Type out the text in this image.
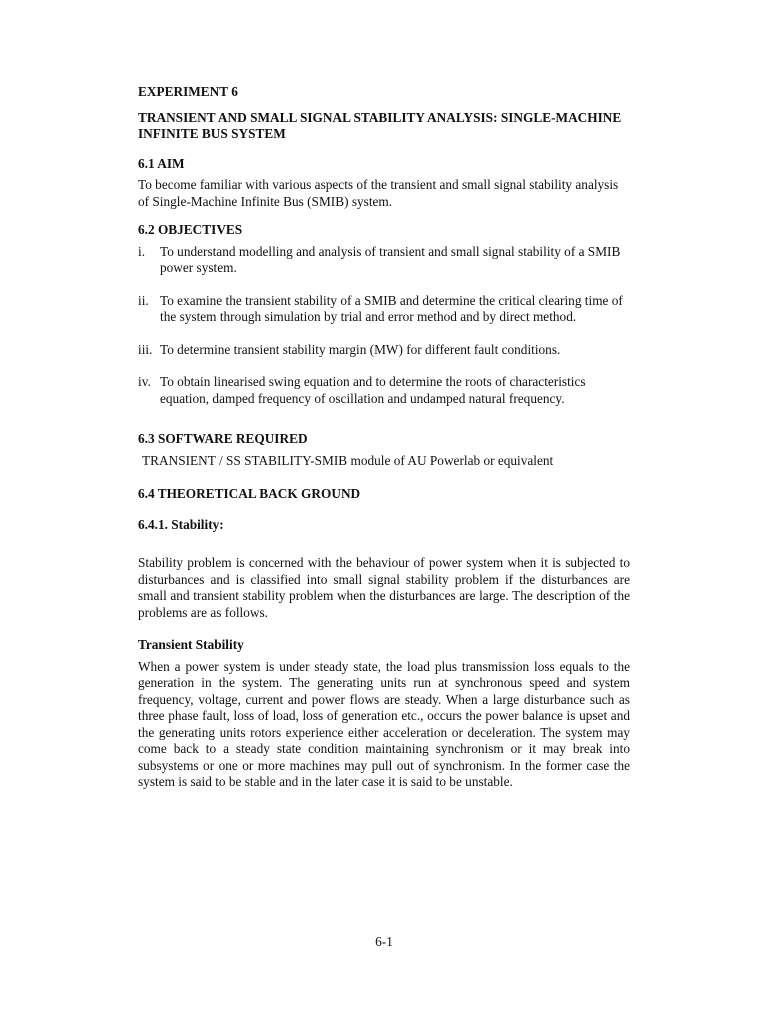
EXPERIMENT 6

TRANSIENT AND SMALL SIGNAL STABILITY ANALYSIS: SINGLE-MACHINE INFINITE BUS SYSTEM

6.1 AIM

To become familiar with various aspects of the transient and small signal stability analysis of Single-Machine Infinite Bus (SMIB) system.

6.2 OBJECTIVES

i. To understand modelling and analysis of transient and small signal stability of a SMIB power system.
ii. To examine the transient stability of a SMIB and determine the critical clearing time of the system through simulation by trial and error method and by direct method.
iii. To determine transient stability margin (MW) for different fault conditions.
iv. To obtain linearised swing equation and to determine the roots of characteristics equation, damped frequency of oscillation and undamped natural frequency.

6.3 SOFTWARE REQUIRED

TRANSIENT / SS STABILITY-SMIB module of AU Powerlab or equivalent

6.4 THEORETICAL BACK GROUND

6.4.1. Stability:

Stability problem is concerned with the behaviour of power system when it is subjected to disturbances and is classified into small signal stability problem if the disturbances are small and transient stability problem when the disturbances are large. The description of the problems are as follows.

Transient Stability

When a power system is under steady state, the load plus transmission loss equals to the generation in the system. The generating units run at synchronous speed and system frequency, voltage, current and power flows are steady. When a large disturbance such as three phase fault, loss of load, loss of generation etc., occurs the power balance is upset and the generating units rotors experience either acceleration or deceleration. The system may come back to a steady state condition maintaining synchronism or it may break into subsystems or one or more machines may pull out of synchronism. In the former case the system is said to be stable and in the later case it is said to be unstable.

6-1
